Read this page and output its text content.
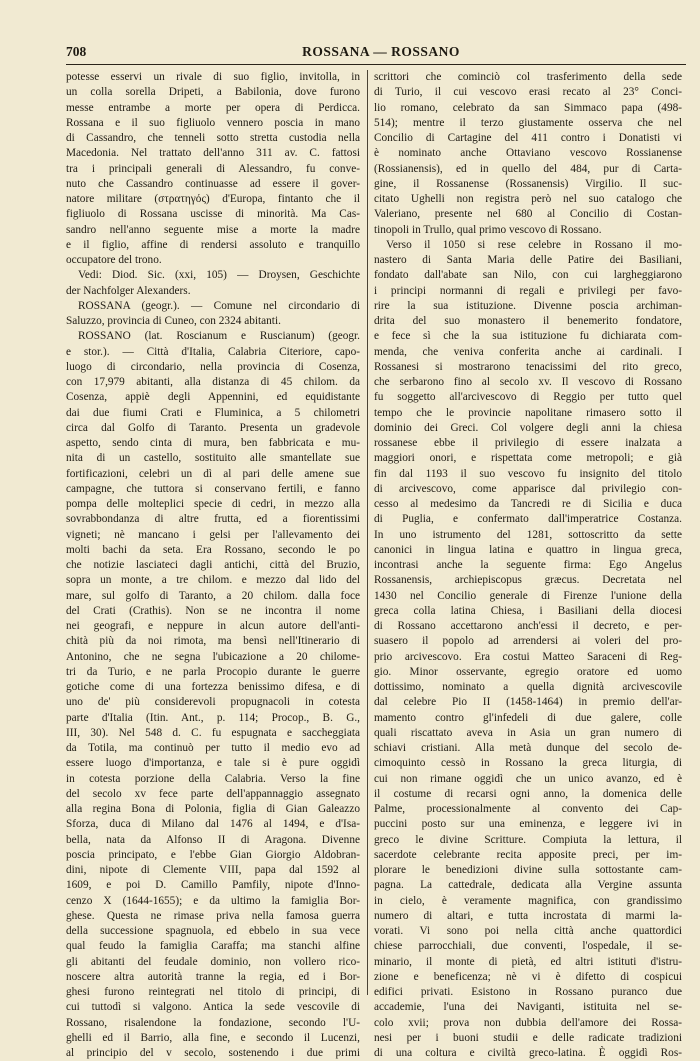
708	ROSSANA — ROSSANO
potesse esservi un rivale di suo figlio, invitolla, in
un colla sorella Dripeti, a Babilonia, dove furono
messe entrambe a morte per opera di Perdicca.
Rossana e il suo figliuolo vennero poscia in mano
di Cassandro, che tenneli sotto stretta custodia nella
Macedonia. Nel trattato dell'anno 311 av. C. fattosi
tra i principali generali di Alessandro, fu conve-
nuto che Cassandro continuasse ad essere il gover-
natore militare (στρατηγός) d'Europa, fintanto che il
figliuolo di Rossana uscisse di minorità. Ma Cas-
sandro nell'anno seguente mise a morte la madre
e il figlio, affine di rendersi assoluto e tranquillo
occupatore del trono.
Vedi: Diod. Sic. (xxi, 105) — Droysen, Geschichte
der Nachfolger Alexanders.
ROSSANA (geogr.). — Comune nel circondario di
Saluzzo, provincia di Cuneo, con 2324 abitanti.
ROSSANO (lat. Roscianum e Ruscianum) (geogr.
e stor.). — Città d'Italia, Calabria Citeriore, capo-
luogo di circondario, nella provincia di Cosenza,
con 17,979 abitanti, alla distanza di 45 chilom. da
Cosenza, appiè degli Appennini, ed equidistante
dai due fiumi Crati e Fluminica, a 5 chilometri
circa dal Golfo di Taranto. Presenta un gradevole
aspetto, sendo cinta di mura, ben fabbricata e mu-
nita di un castello, sostituito alle smantellate sue
fortificazioni, celebri un dì al pari delle amene sue
campagne, che tuttora si conservano fertili, e fanno
pompa delle molteplici specie di cedri, in mezzo alla
sovrabbondanza di altre frutta, ed a fiorentissimi
vigneti; nè mancano i gelsi per l'allevamento dei
molti bachi da seta. Era Rossano, secondo le po
che notizie lasciateci dagli antichi, città del Bruzio,
sopra un monte, a tre chilom. e mezzo dal lido del
mare, sul golfo di Taranto, a 20 chilom. dalla foce
del Crati (Crathis). Non se ne incontra il nome
nei geografi, e neppure in alcun autore dell'anti-
chità più da noi rimota, ma bensì nell'Itinerario di
Antonino, che ne segna l'ubicazione a 20 chilome-
tri da Turio, e ne parla Procopio durante le guerre
gotiche come di una fortezza benissimo difesa, e di
uno de' più considerevoli propugnacoli in cotesta
parte d'Italia (Itin. Ant., p. 114; Procop., B. G.,
III, 30). Nel 548 d. C. fu espugnata e saccheggiata
da Totila, ma continuò per tutto il medio evo ad
essere luogo d'importanza, e tale si è pure oggidì
in cotesta porzione della Calabria. Verso la fine
del secolo xv fece parte dell'appannaggio assegnato
alla regina Bona di Polonia, figlia di Gian Galeazzo
Sforza, duca di Milano dal 1476 al 1494, e d'Isa-
bella, nata da Alfonso II di Aragona. Divenne
poscia principato, e l'ebbe Gian Giorgio Aldobran-
dini, nipote di Clemente VIII, papa dal 1592 al
1609, e poi D. Camillo Pamfily, nipote d'Inno-
cenzo X (1644-1655); e da ultimo la famiglia Bor-
ghese. Questa ne rimase priva nella famosa guerra
della successione spagnuola, ed ebbelo in sua vece
qual feudo la famiglia Caraffa; ma stanchi alfine
gli abitanti del feudale dominio, non vollero rico-
noscere altra autorità tranne la regia, ed i Bor-
ghesi furono reintegrati nel titolo di principi, di
cui tuttodì si valgono. Antica la sede vescovile di
Rossano, risalendone la fondazione, secondo l'U-
ghelli ed il Barrio, alla fine, e secondo il Lucenzi,
al principio del v secolo, sostenendo i due primi
scrittori che cominciò col trasferimento della sede
di Turio, il cui vescovo erasi recato al 23° Conci-
lio romano, celebrato da san Simmaco papa (498-
514); mentre il terzo giustamente osserva che nel
Concilio di Cartagine del 411 contro i Donatisti vi
è nominato anche Ottaviano vescovo Rossianense
(Rossianensis), ed in quello del 484, pur di Carta-
gine, il Rossanense (Rossanensis) Virgilio. Il suc-
citato Ughelli non registra però nel suo catalogo che
Valeriano, presente nel 680 al Concilio di Costan-
tinopoli in Trullo, qual primo vescovo di Rossano.
Verso il 1050 si rese celebre in Rossano il mo-
nastero di Santa Maria delle Patire dei Basiliani,
fondato dall'abate san Nilo, con cui largheggiarono
i principi normanni di regali e privilegi per favo-
rire la sua istituzione. Divenne poscia archiman-
drita del suo monastero il benemerito fondatore,
e fece sì che la sua istituzione fu dichiarata com-
menda, che veniva conferita anche ai cardinali. I
Rossanesi si mostrarono tenacissimi del rito greco,
che serbarono fino al secolo xv. Il vescovo di Rossano
fu soggetto all'arcivescovo di Reggio per tutto quel
tempo che le provincie napolitane rimasero sotto il
dominio dei Greci. Col volgere degli anni la chiesa
rossanese ebbe il privilegio di essere inalzata a
maggiori onori, e rispettata come metropoli; e già
fin dal 1193 il suo vescovo fu insignito del titolo
di arcivescovo, come apparisce dal privilegio con-
cesso al medesimo da Tancredi re di Sicilia e duca
di Puglia, e confermato dall'imperatrice Costanza.
In uno istrumento del 1281, sottoscritto da sette
canonici in lingua latina e quattro in lingua greca,
incontrasi anche la seguente firma: Ego Angelus
Rossanensis, archiepiscopus græcus. Decretata nel
1430 nel Concilio generale di Firenze l'unione della
greca colla latina Chiesa, i Basiliani della diocesi
di Rossano accettarono anch'essi il decreto, e per-
suasero il popolo ad arrendersi ai voleri del pro-
prio arcivescovo. Era costui Matteo Saraceni di Reg-
gio. Minor osservante, egregio oratore ed uomo
dottissimo, nominato a quella dignità arcivescovile
dal celebre Pio II (1458-1464) in premio dell'ar-
mamento contro gl'infedeli di due galere, colle
quali riscattato aveva in Asia un gran numero di
schiavi cristiani. Alla metà dunque del secolo de-
cimoquinto cessò in Rossano la greca liturgia, di
cui non rimane oggidì che un unico avanzo, ed è
il costume di recarsi ogni anno, la domenica delle
Palme, processionalmente al convento dei Cap-
puccini posto sur una eminenza, e leggere ivi in
greco le divine Scritture. Compiuta la lettura, il
sacerdote celebrante recita apposite preci, per im-
plorare le benedizioni divine sulla sottostante cam-
pagna. La cattedrale, dedicata alla Vergine assunta
in cielo, è veramente magnifica, con grandissimo
numero di altari, e tutta incrostata di marmi la-
vorati. Vi sono poi nella città anche quattordici
chiese parrocchiali, due conventi, l'ospedale, il se-
minario, il monte di pietà, ed altri istituti d'istru-
zione e beneficenza; nè vi è difetto di cospicui
edifici privati. Esistono in Rossano puranco due
accademie, l'una dei Naviganti, istituita nel se-
colo xvii; prova non dubbia dell'amore dei Rossa-
nesi per i buoni studii e delle radicate tradizioni
di una coltura e civiltà greco-latina. È oggidì Ros-
